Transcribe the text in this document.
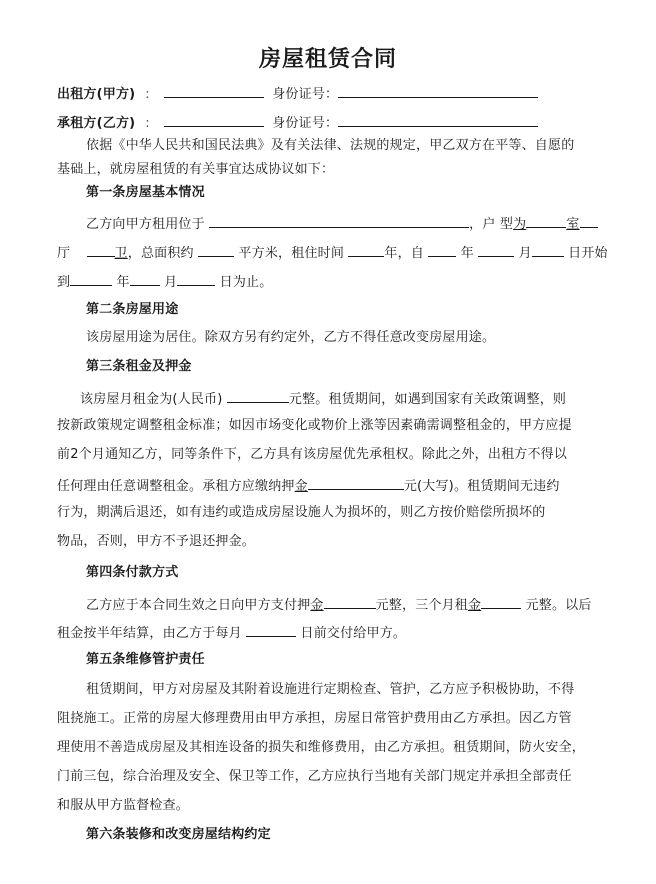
房屋租赁合同
出租方(甲方) :	身份证号：
承租方(乙方) :	身份证号：
依据《中华人民共和国民法典》及有关法律、法规的规定，甲乙双方在平等、自愿的
基础上，就房屋租赁的有关事宜达成协议如下：
第一条房屋基本情况
乙方向甲方租用位于	，户 型为	室
厅	卫，总面积约	平方米，租住时间	年，自	年	月	日开始
到	年	月	日为止。
第二条房屋用途
该房屋用途为居住。除双方另有约定外，乙方不得任意改变房屋用途。
第三条租金及押金
该房屋月租金为(人民币)	元整。租赁期间，如遇到国家有关政策调整，则
按新政策规定调整租金标准；如因市场变化或物价上涨等因素确需调整租金的，甲方应提
前2个月通知乙方，同等条件下，乙方具有该房屋优先承租权。除此之外，出租方不得以
任何理由任意调整租金。承租方应缴纳押金	元(大写)。租赁期间无违约
行为，期满后退还，如有违约或造成房屋设施人为损坏的，则乙方按价赔偿所损坏的
物品，否则，甲方不予退还押金。
第四条付款方式
乙方应于本合同生效之日向甲方支付押金	元整，三个月租金	元整。以后
租金按半年结算，由乙方于每月	日前交付给甲方。
第五条维修管护责任
租赁期间，甲方对房屋及其附着设施进行定期检查、管护，乙方应予积极协助，不得
阻挠施工。正常的房屋大修理费用由甲方承担，房屋日常管护费用由乙方承担。因乙方管
理使用不善造成房屋及其相连设备的损失和维修费用，由乙方承担。租赁期间，防火安全，
门前三包，综合治理及安全、保卫等工作，乙方应执行当地有关部门规定并承担全部责任
和服从甲方监督检查。
第六条装修和改变房屋结构约定
